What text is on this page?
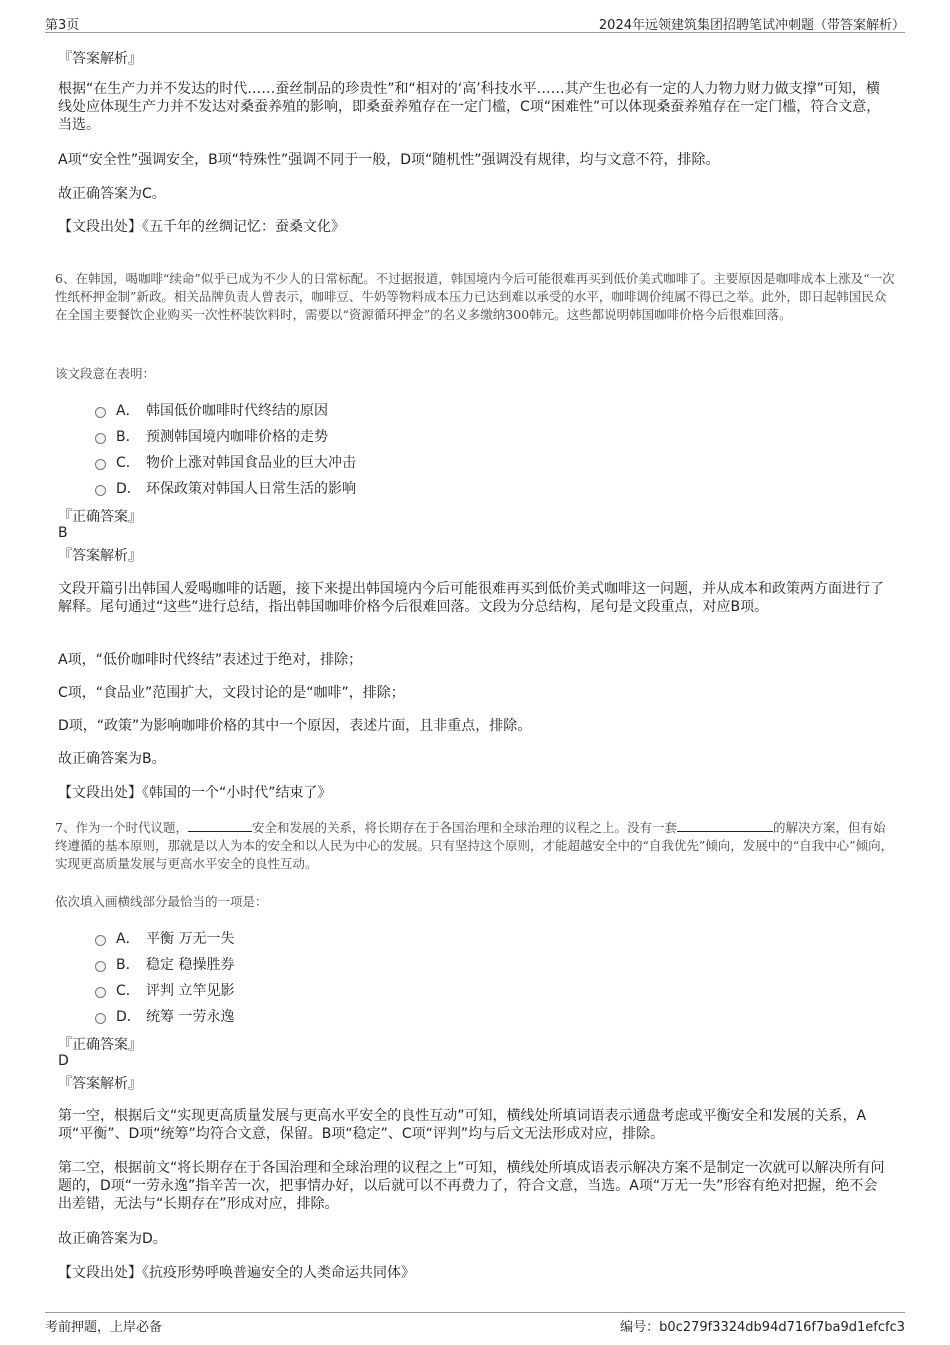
第3页	2024年远领建筑集团招聘笔试冲刺题（带答案解析）
『答案解析』

根据“在生产力并不发达的时代……蚕丝制品的珍贵性”和“相对的‘高’科技水平……其产生也必有一定的人力物力财力做支撑”可知，横线处应体现生产力并不发达对桑蚕养殖的影响，即桑蚕养殖存在一定门槛，C项“困难性”可以体现桑蚕养殖存在一定门槛，符合文意，当选。

A项“安全性”强调安全，B项“特殊性”强调不同于一般，D项“随机性”强调没有规律，均与文意不符，排除。

故正确答案为C。

【文段出处】《五千年的丝绸记忆：蚕桑文化》

6、在韩国，喝咖啡“续命”似乎已成为不少人的日常标配。不过据报道，韩国境内今后可能很难再买到低价美式咖啡了。主要原因是咖啡成本上涨及“一次性纸杯押金制”新政。相关品牌负责人曾表示，咖啡豆、牛奶等物料成本压力已达到难以承受的水平，咖啡调价纯属不得已之举。此外，即日起韩国民众在全国主要餐饮企业购买一次性杯装饮料时，需要以“资源循环押金”的名义多缴纳300韩元。这些都说明韩国咖啡价格今后很难回落。

该文段意在表明：

A． 韩国低价咖啡时代终结的原因
B． 预测韩国境内咖啡价格的走势
C． 物价上涨对韩国食品业的巨大冲击
D． 环保政策对韩国人日常生活的影响
『正确答案』
B
『答案解析』

文段开篇引出韩国人爱喝咖啡的话题，接下来提出韩国境内今后可能很难再买到低价美式咖啡这一问题，并从成本和政策两方面进行了解释。尾句通过“这些”进行总结，指出韩国咖啡价格今后很难回落。文段为分总结构，尾句是文段重点，对应B项。

A项，“低价咖啡时代终结”表述过于绝对，排除；

C项，“食品业”范围扩大，文段讨论的是“咖啡”，排除；

D项，“政策”为影响咖啡价格的其中一个原因，表述片面，且非重点，排除。

故正确答案为B。

【文段出处】《韩国的一个“小时代”结束了》

7、作为一个时代议题，	安全和发展的关系，将长期存在于各国治理和全球治理的议程之上。没有一套	的解决方案，但有始终遵循的基本原则，那就是以人为本的安全和以人民为中心的发展。只有坚持这个原则，才能超越安全中的“自我优先”倾向，发展中的“自我中心”倾向，实现更高质量发展与更高水平安全的良性互动。

依次填入画横线部分最恰当的一项是：

A． 平衡 万无一失
B． 稳定 稳操胜券
C． 评判 立竿见影
D． 统筹 一劳永逸
『正确答案』
D
『答案解析』

第一空，根据后文“实现更高质量发展与更高水平安全的良性互动”可知，横线处所填词语表示通盘考虑或平衡安全和发展的关系，A项“平衡”、D项“统筹”均符合文意，保留。B项“稳定”、C项“评判”均与后文无法形成对应，排除。

第二空，根据前文“将长期存在于各国治理和全球治理的议程之上”可知，横线处所填成语表示解决方案不是制定一次就可以解决所有问题的，D项“一劳永逸”指辛苦一次，把事情办好，以后就可以不再费力了，符合文意，当选。A项“万无一失”形容有绝对把握，绝不会出差错，无法与“长期存在”形成对应，排除。

故正确答案为D。

【文段出处】《抗疫形势呼唤普遍安全的人类命运共同体》

考前押题，上岸必备	编号：b0c279f3324db94d716f7ba9d1efcfc3
